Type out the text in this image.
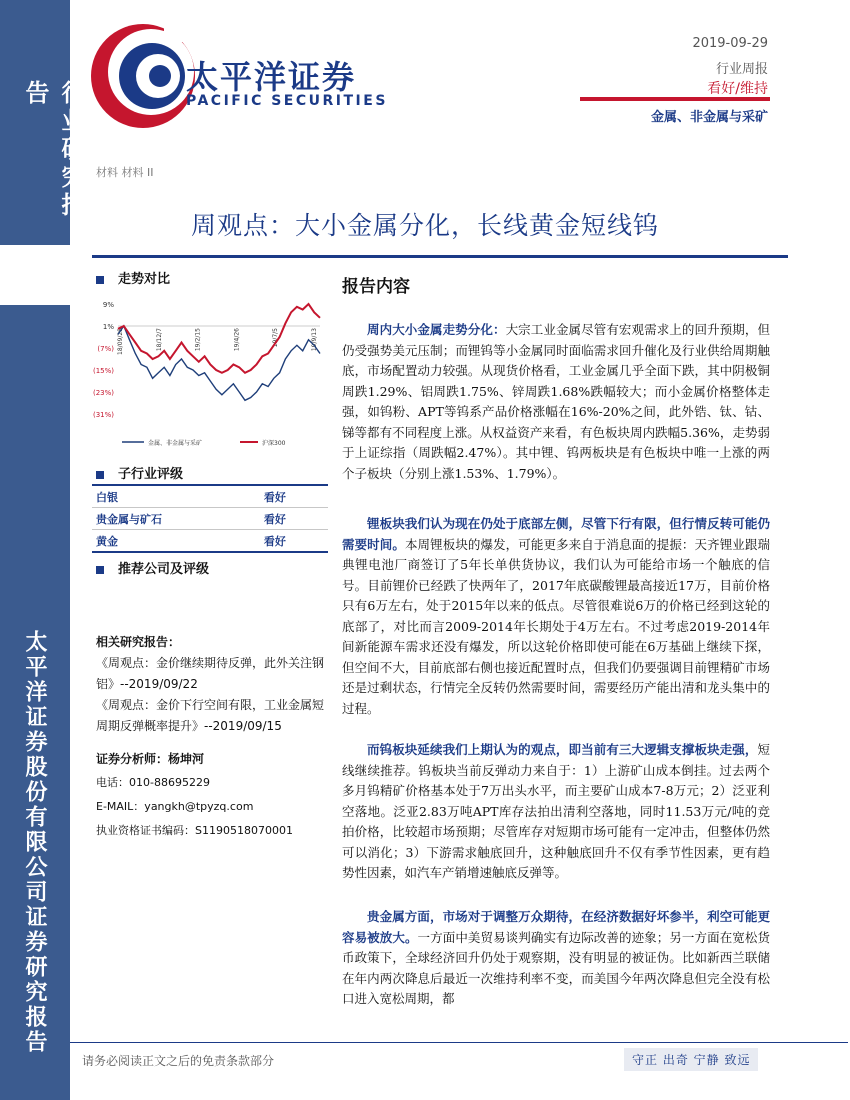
行业研究报告
太平洋证券股份有限公司证券研究报告
太平洋证券
PACIFIC SECURITIES
2019-09-29
行业周报
看好/维持
金属、非金属与采矿
材料 材料 II
周观点：大小金属分化，长线黄金短线钨
走势对比
9%
1%
(7%)
(15%)
(23%)
(31%)
18/09/28	18/12/7	19/2/15	19/4/26	19/7/5	19/9/13
金属、非金属与采矿	沪深300
子行业评级
白银	看好
贵金属与矿石	看好
黄金	看好
推荐公司及评级
相关研究报告：
《周观点：金价继续期待反弹，此外关注钢铝》--2019/09/22
《周观点：金价下行空间有限，工业金属短周期反弹概率提升》--2019/09/15
证券分析师：杨坤河
电话：010-88695229
E-MAIL：yangkh@tpyzq.com
执业资格证书编码：S1190518070001
报告内容
周内大小金属走势分化：大宗工业金属尽管有宏观需求上的回升预期，但仍受强势美元压制；而锂钨等小金属同时面临需求回升催化及行业供给周期触底，市场配置动力较强。从现货价格看，工业金属几乎全面下跌，其中阴极铜周跌1.29%、铝周跌1.75%、锌周跌1.68%跌幅较大；而小金属价格整体走强，如钨粉、APT等钨系产品价格涨幅在16%-20%之间，此外锆、钛、钴、锑等都有不同程度上涨。从权益资产来看，有色板块周内跌幅5.36%，走势弱于上证综指（周跌幅2.47%）。其中锂、钨两板块是有色板块中唯一上涨的两个子板块（分别上涨1.53%、1.79%）。
锂板块我们认为现在仍处于底部左侧，尽管下行有限，但行情反转可能仍需要时间。本周锂板块的爆发，可能更多来自于消息面的提振：天齐锂业跟瑞典锂电池厂商签订了5年长单供货协议，我们认为可能给市场一个触底的信号。目前锂价已经跌了快两年了，2017年底碳酸锂最高接近17万，目前价格只有6万左右，处于2015年以来的低点。尽管很难说6万的价格已经到这轮的底部了，对比而言2009-2014年长期处于4万左右。不过考虑2019-2014年间新能源车需求还没有爆发，所以这轮价格即使可能在6万基础上继续下探，但空间不大，目前底部右侧也接近配置时点，但我们仍要强调目前锂精矿市场还是过剩状态，行情完全反转仍然需要时间，需要经历产能出清和龙头集中的过程。
而钨板块延续我们上期认为的观点，即当前有三大逻辑支撑板块走强，短线继续推荐。钨板块当前反弹动力来自于：1）上游矿山成本倒挂。过去两个多月钨精矿价格基本处于7万出头水平，而主要矿山成本7-8万元；2）泛亚利空落地。泛亚2.83万吨APT库存法拍出清利空落地，同时11.53万元/吨的竞拍价格，比较超市场预期；尽管库存对短期市场可能有一定冲击，但整体仍然可以消化；3）下游需求触底回升，这种触底回升不仅有季节性因素，更有趋势性因素，如汽车产销增速触底反弹等。
贵金属方面，市场对于调整万众期待，在经济数据好坏参半，利空可能更容易被放大。一方面中美贸易谈判确实有边际改善的迹象；另一方面在宽松货币政策下，全球经济回升仍处于观察期，没有明显的被证伪。比如新西兰联储在年内两次降息后最近一次维持利率不变，而美国今年两次降息但完全没有松口进入宽松周期，都
请务必阅读正文之后的免责条款部分	守正 出奇 宁静 致远
